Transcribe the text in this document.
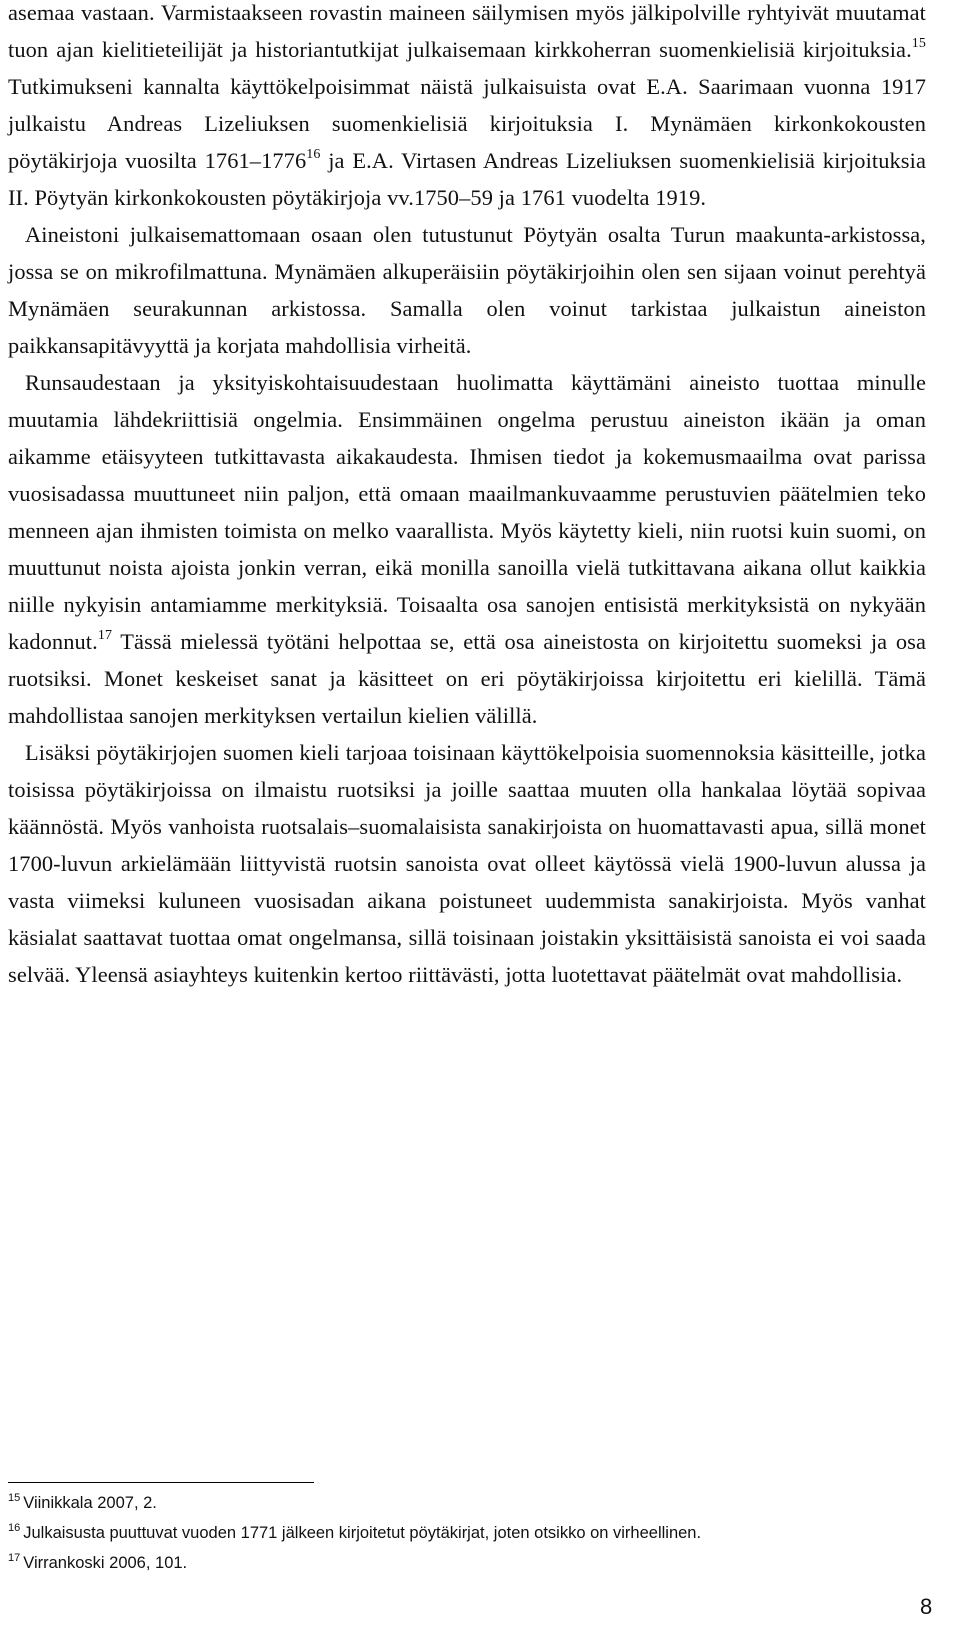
asemaa vastaan. Varmistaakseen rovastin maineen säilymisen myös jälkipolville ryhtyivät muutamat tuon ajan kielitieteilijät ja historiantutkijat julkaisemaan kirkkoherran suomenkielisiä kirjoituksia.$^{15}$ Tutkimukseni kannalta käyttökelpoisimmat näistä julkaisuista ovat E.A. Saarimaan vuonna 1917 julkaistu Andreas Lizeliuksen suomenkielisiä kirjoituksia I. Mynämäen kirkonkokousten pöytäkirjoja vuosilta 1761–1776$^{16}$ ja E.A. Virtasen Andreas Lizeliuksen suomenkielisiä kirjoituksia II. Pöytyän kirkonkokousten pöytäkirjoja vv.1750–59 ja 1761 vuodelta 1919.

Aineistoni julkaisemattomaan osaan olen tutustunut Pöytyän osalta Turun maakunta-arkistossa, jossa se on mikrofilmattuna. Mynämäen alkuperäisiin pöytäkirjoihin olen sen sijaan voinut perehtyä Mynämäen seurakunnan arkistossa. Samalla olen voinut tarkistaa julkaistun aineiston paikkansapitävyyttä ja korjata mahdollisia virheitä.

Runsaudestaan ja yksityiskohtaisuudestaan huolimatta käyttämäni aineisto tuottaa minulle muutamia lähdekriittisiä ongelmia. Ensimmäinen ongelma perustuu aineiston ikään ja oman aikamme etäisyyteen tutkittavasta aikakaudesta. Ihmisen tiedot ja kokemusmaailma ovat parissa vuosisadassa muuttuneet niin paljon, että omaan maailmankuvaamme perustuvien päätelmien teko menneen ajan ihmisten toimista on melko vaarallista. Myös käytetty kieli, niin ruotsi kuin suomi, on muuttunut noista ajoista jonkin verran, eikä monilla sanoilla vielä tutkittavana aikana ollut kaikkia niille nykyisin antamiamme merkityksiä. Toisaalta osa sanojen entisistä merkityksistä on nykyään kadonnut.$^{17}$ Tässä mielessä työtäni helpottaa se, että osa aineistosta on kirjoitettu suomeksi ja osa ruotsiksi. Monet keskeiset sanat ja käsitteet on eri pöytäkirjoissa kirjoitettu eri kielillä. Tämä mahdollistaa sanojen merkityksen vertailun kielien välillä.

Lisäksi pöytäkirjojen suomen kieli tarjoaa toisinaan käyttökelpoisia suomennoksia käsitteille, jotka toisissa pöytäkirjoissa on ilmaistu ruotsiksi ja joille saattaa muuten olla hankalaa löytää sopivaa käännöstä. Myös vanhoista ruotsalais–suomalaisista sanakirjoista on huomattavasti apua, sillä monet 1700-luvun arkielämään liittyvistä ruotsin sanoista ovat olleet käytössä vielä 1900-luvun alussa ja vasta viimeksi kuluneen vuosisadan aikana poistuneet uudemmista sanakirjoista. Myös vanhat käsialat saattavat tuottaa omat ongelmansa, sillä toisinaan joistakin yksittäisistä sanoista ei voi saada selvää. Yleensä asiayhteys kuitenkin kertoo riittävästi, jotta luotettavat päätelmät ovat mahdollisia.

$^{15}$ Viinikkala 2007, 2.
$^{16}$ Julkaisusta puuttuvat vuoden 1771 jälkeen kirjoitetut pöytäkirjat, joten otsikko on virheellinen.
$^{17}$ Virrankoski 2006, 101.
8
